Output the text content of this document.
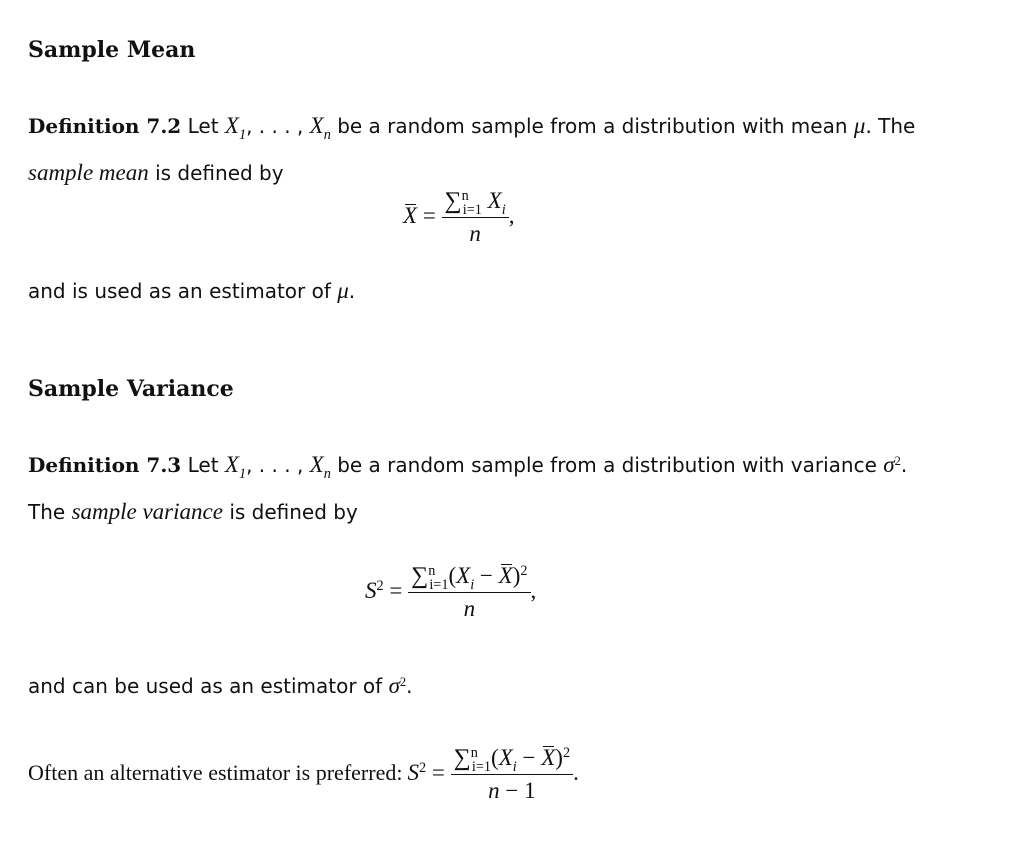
Sample Mean
Definition 7.2 Let $X_1$, . . . , $X_n$ be a random sample from a distribution with mean μ. The
sample mean is defined by
$X = \frac{\sum^n_{i=1} X_i}{n}$ ,
and is used as an estimator of μ.
Sample Variance
Definition 7.3 Let $X_1$, . . . , $X_n$ be a random sample from a distribution with variance $\sigma^2$.
The sample variance is defined by
$S^2 = \frac{\sum^n_{i=1}(X_i - X)^2}{n}$ ,
and can be used as an estimator of $\sigma^2$.
Often an alternative estimator is preferred: $S^2 = \frac{\sum^n_{i=1}(X_i - X)^2}{n - 1}$ .
